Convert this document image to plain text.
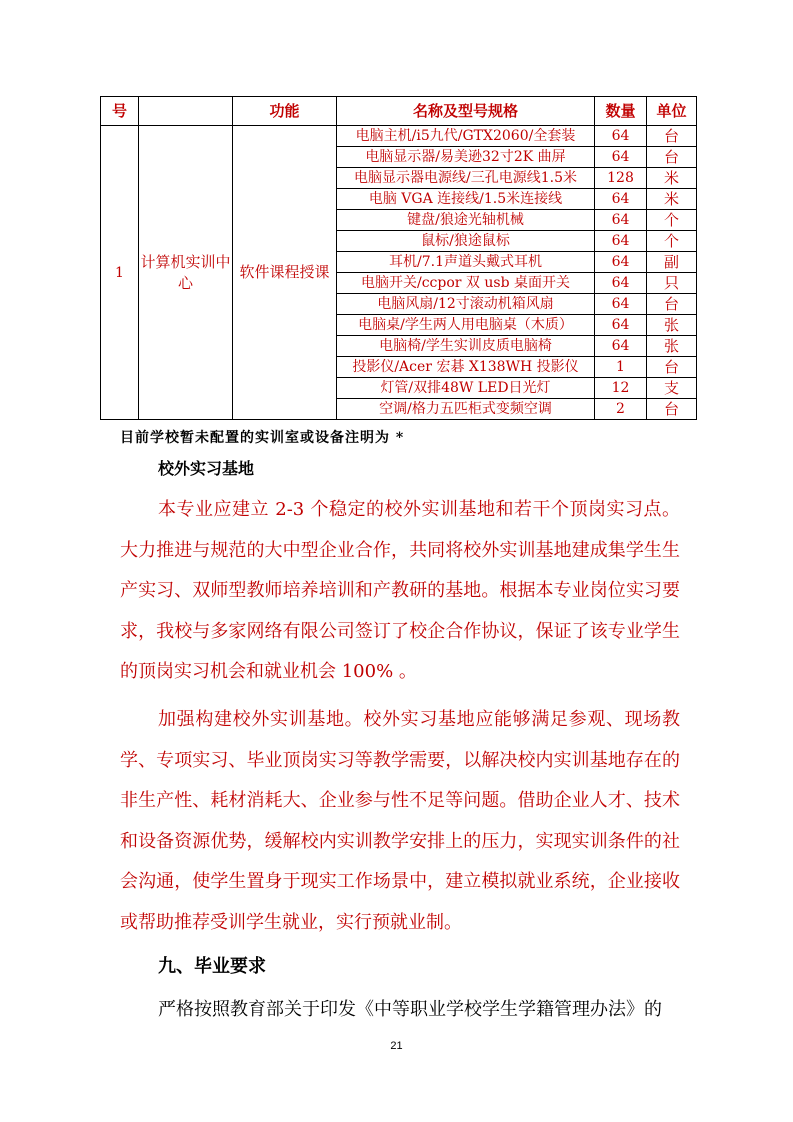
号		功能	名称及型号规格	数量	单位
1	计算机实训中心	软件课程授课	电脑主机/i5九代/GTX2060/全套装	64	台
			电脑显示器/易美逊32寸2K 曲屏	64	台
			电脑显示器电源线/三孔电源线1.5米	128	米
			电脑 VGA 连接线/1.5米连接线	64	米
			键盘/狼途光轴机械	64	个
			鼠标/狼途鼠标	64	个
			耳机/7.1声道头戴式耳机	64	副
			电脑开关/ccpor 双 usb 桌面开关	64	只
			电脑风扇/12寸滚动机箱风扇	64	台
			电脑桌/学生两人用电脑桌（木质）	64	张
			电脑椅/学生实训皮质电脑椅	64	张
			投影仪/Acer 宏碁 X138WH 投影仪	1	台
			灯管/双排48W LED日光灯	12	支
			空调/格力五匹柜式变频空调	2	台
目前学校暂未配置的实训室或设备注明为 *
校外实习基地

本专业应建立 2-3 个稳定的校外实训基地和若干个顶岗实习点。大力推进与规范的大中型企业合作，共同将校外实训基地建成集学生生产实习、双师型教师培养培训和产教研的基地。根据本专业岗位实习要求，我校与多家网络有限公司签订了校企合作协议，保证了该专业学生的顶岗实习机会和就业机会 100% 。

加强构建校外实训基地。校外实习基地应能够满足参观、现场教学、专项实习、毕业顶岗实习等教学需要，以解决校内实训基地存在的非生产性、耗材消耗大、企业参与性不足等问题。借助企业人才、技术和设备资源优势，缓解校内实训教学安排上的压力，实现实训条件的社会沟通，使学生置身于现实工作场景中，建立模拟就业系统，企业接收或帮助推荐受训学生就业，实行预就业制。

九、毕业要求

严格按照教育部关于印发《中等职业学校学生学籍管理办法》的

21
